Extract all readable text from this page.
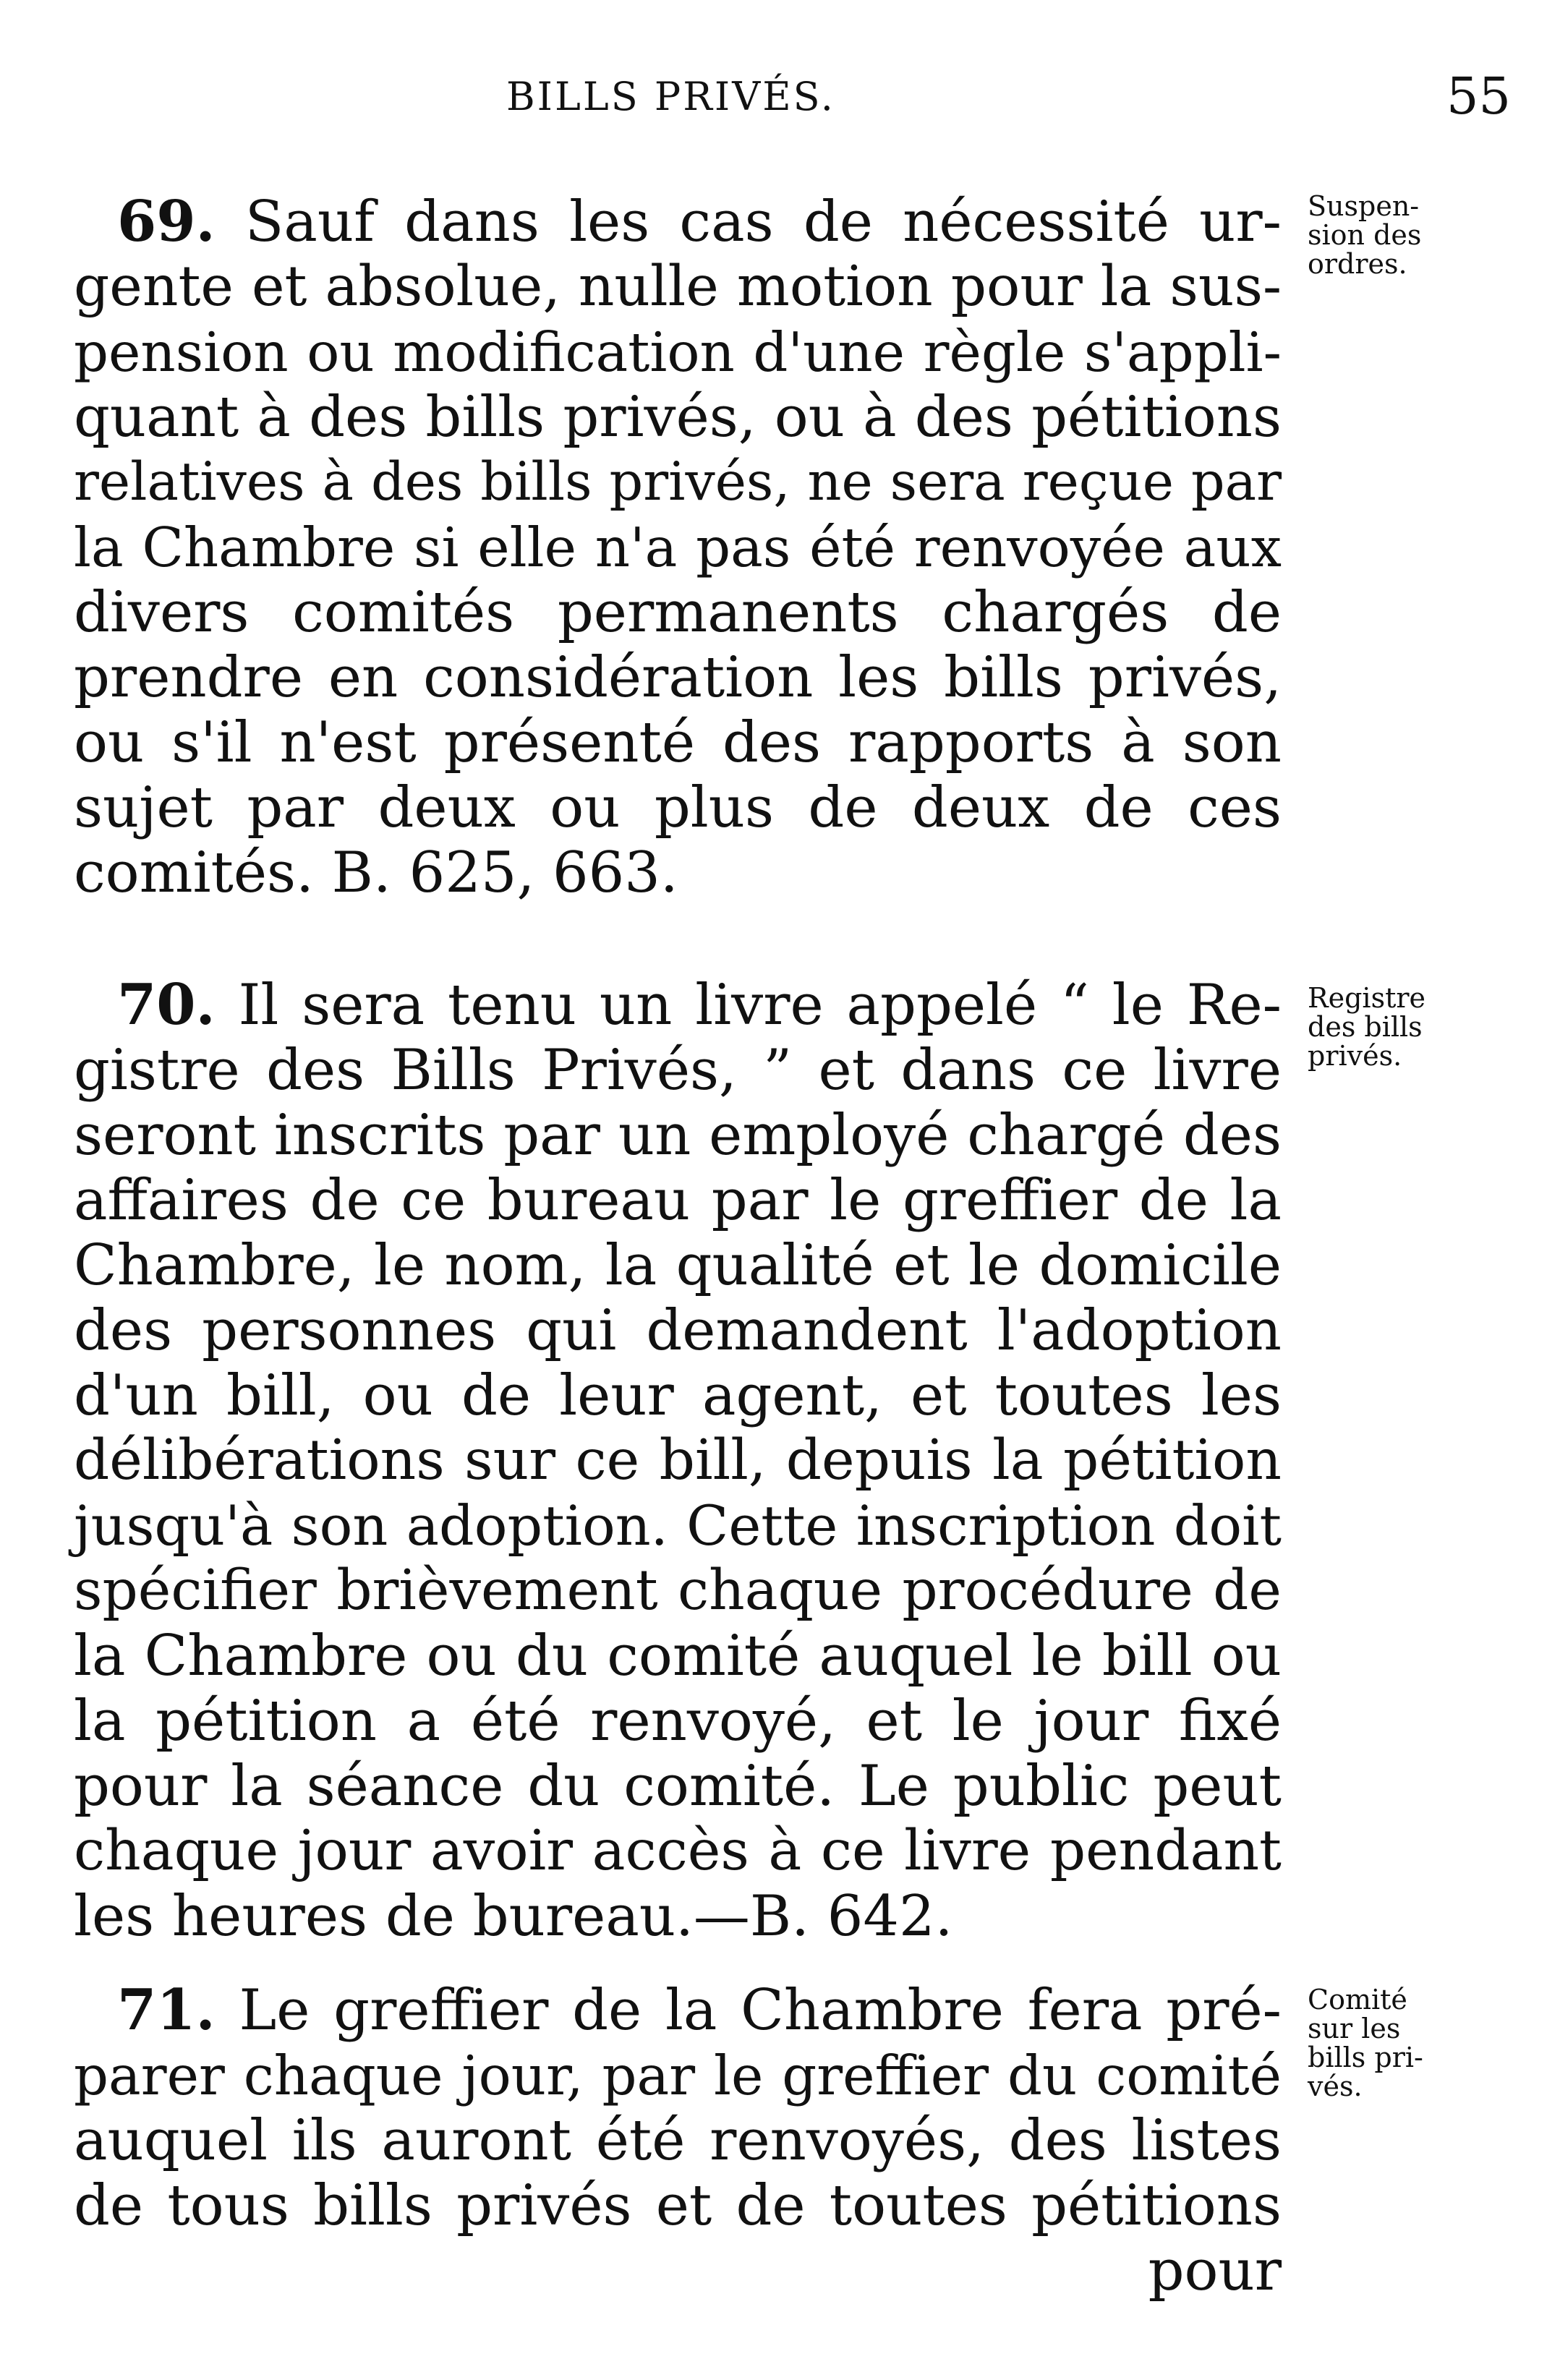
BILLS PRIVÉS.	55
69. Sauf dans les cas de nécessité ur-
gente et absolue, nulle motion pour la sus-
pension ou modification d'une règle s'appli-
quant à des bills privés, ou à des pétitions
relatives à des bills privés, ne sera reçue par
la Chambre si elle n'a pas été renvoyée aux
divers comités permanents chargés de
prendre en considération les bills privés,
ou s'il n'est présenté des rapports à son
sujet par deux ou plus de deux de ces
comités. B. 625, 663.
Suspen-
sion des
ordres.
70. Il sera tenu un livre appelé “ le Re-
gistre des Bills Privés, ” et dans ce livre
seront inscrits par un employé chargé des
affaires de ce bureau par le greffier de la
Chambre, le nom, la qualité et le domicile
des personnes qui demandent l'adoption
d'un bill, ou de leur agent, et toutes les
délibérations sur ce bill, depuis la pétition
jusqu'à son adoption. Cette inscription doit
spécifier brièvement chaque procédure de
la Chambre ou du comité auquel le bill ou
la pétition a été renvoyé, et le jour fixé
pour la séance du comité. Le public peut
chaque jour avoir accès à ce livre pendant
les heures de bureau.—B. 642.
Registre
des bills
privés.
71. Le greffier de la Chambre fera pré-
parer chaque jour, par le greffier du comité
auquel ils auront été renvoyés, des listes
de tous bills privés et de toutes pétitions
pour
Comité
sur les
bills pri-
vés.
